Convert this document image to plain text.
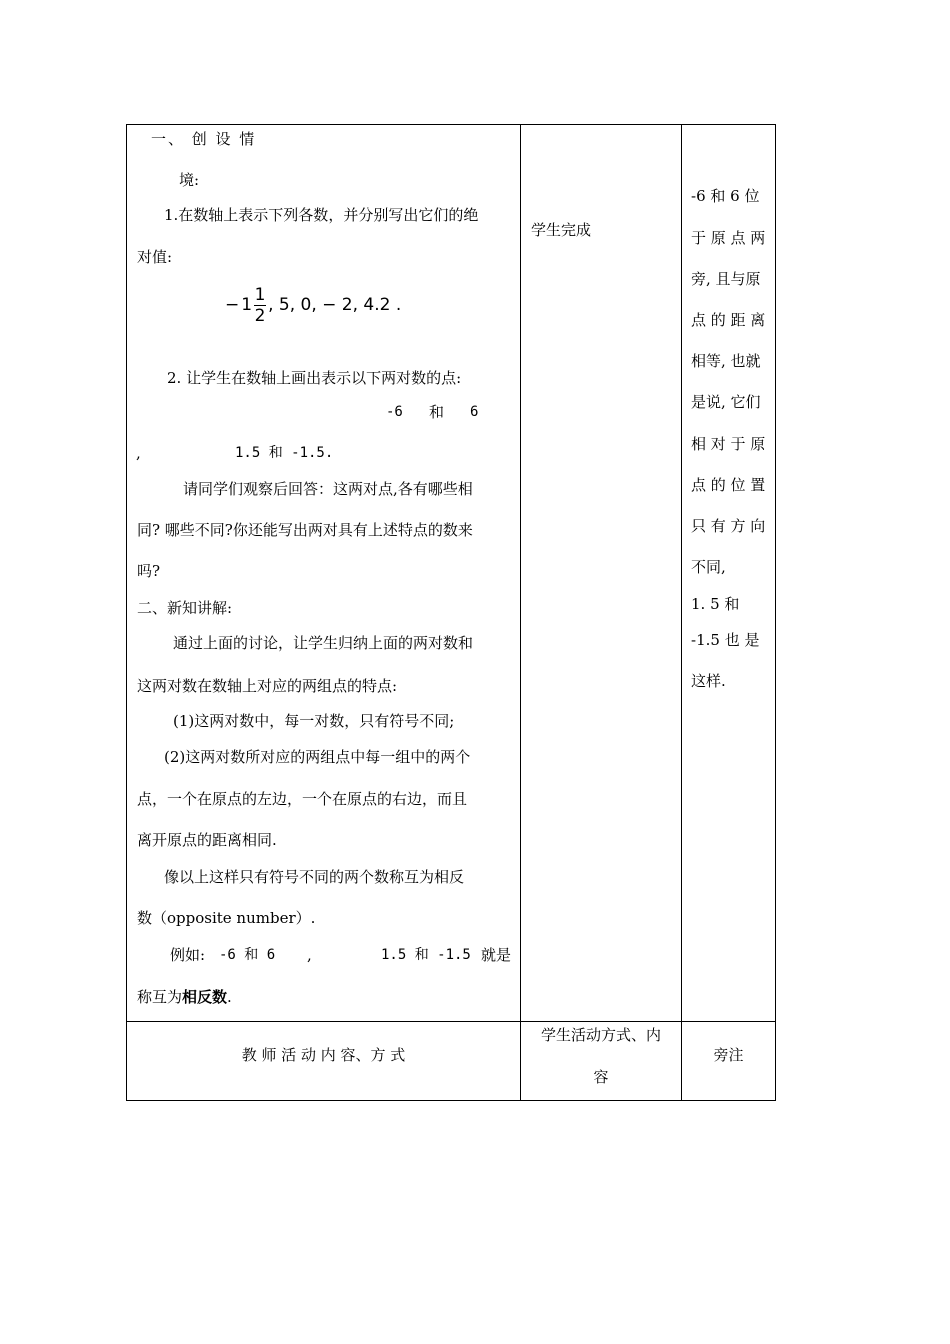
一、 创 设 情
境:
1.在数轴上表示下列各数，并分别写出它们的绝
对值:
− $1 \frac{1}{2}$ , 5, 0, − 2, 4.2 .
2. 让学生在数轴上画出表示以下两对数的点:
-6 和 6
,	1.5 和 -1.5.
请同学们观察后回答：这两对点,各有哪些相
同? 哪些不同?你还能写出两对具有上述特点的数来
吗?
二、新知讲解:
通过上面的讨论，让学生归纳上面的两对数和
这两对数在数轴上对应的两组点的特点:
(1)这两对数中，每一对数，只有符号不同;
(2)这两对数所对应的两组点中每一组中的两个
点，一个在原点的左边，一个在原点的右边，而且
离开原点的距离相同.
像以上这样只有符号不同的两个数称互为相反
数（opposite number）.
例如: -6 和 6 ,	1.5 和 -1.5 就是
称互为相反数.
学生完成
-6 和 6 位
于 原 点 两
旁, 且与原
点 的 距 离
相等, 也就
是说, 它们
相 对 于 原
点 的 位 置
只 有 方 向
不同,
1. 5 和
-1.5 也 是
这样.
教 师 活 动 内 容、方 式
学生活动方式、内
容
旁注
